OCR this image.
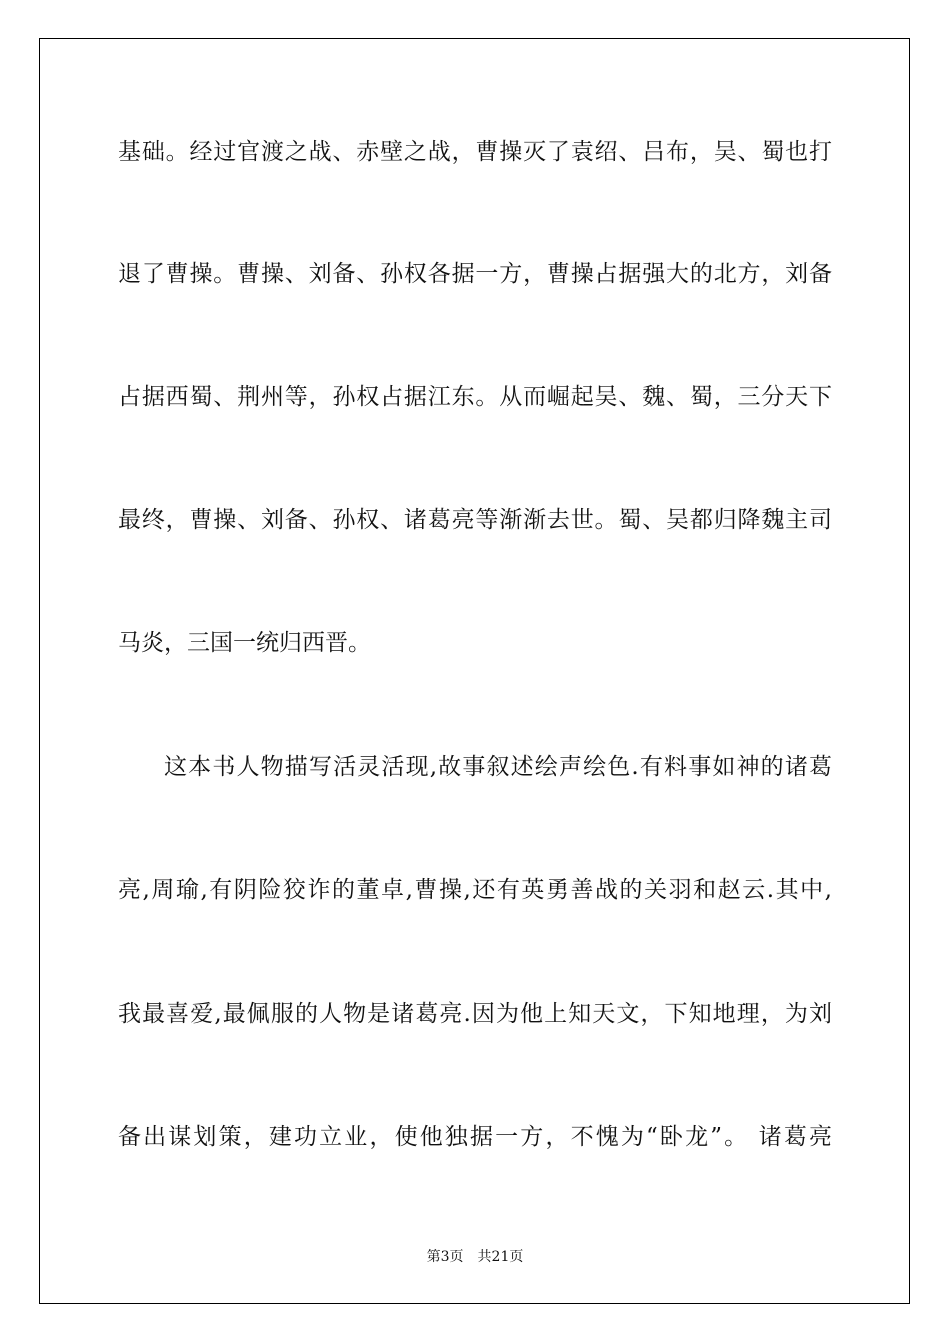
基础。经过官渡之战、赤壁之战，曹操灭了袁绍、吕布，吴、蜀也打

退了曹操。曹操、刘备、孙权各据一方，曹操占据强大的北方，刘备

占据西蜀、荆州等，孙权占据江东。从而崛起吴、魏、蜀，三分天下

最终，曹操、刘备、孙权、诸葛亮等渐渐去世。蜀、吴都归降魏主司

马炎，三国一统归西晋。

这本书人物描写活灵活现,故事叙述绘声绘色.有料事如神的诸葛

亮,周瑜,有阴险狡诈的董卓,曹操,还有英勇善战的关羽和赵云.其中,

我最喜爱,最佩服的人物是诸葛亮.因为他上知天文，下知地理，为刘

备出谋划策，建功立业，使他独据一方，不愧为“卧龙”。 诸葛亮

第3页 共21页
